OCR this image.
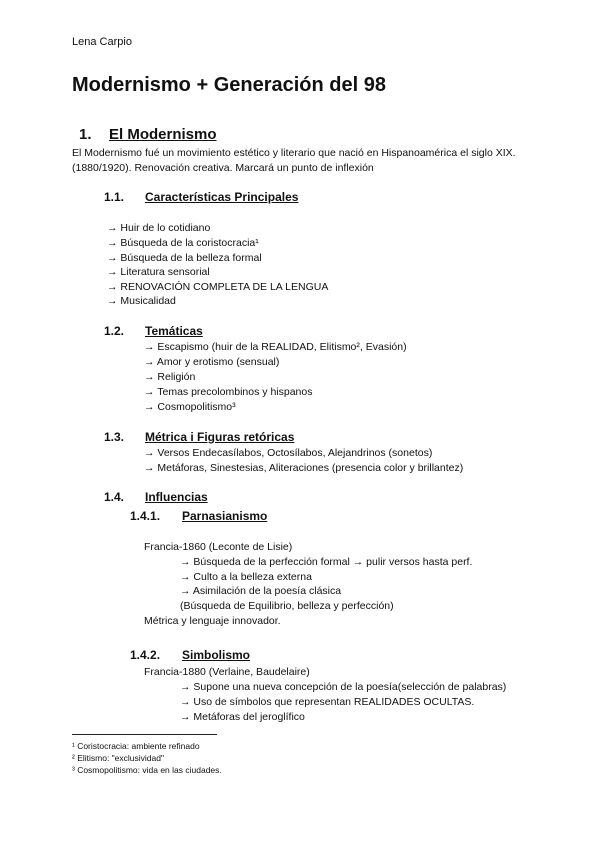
Lena Carpio
Modernismo + Generación del 98
1. El Modernismo
El Modernismo fué un movimiento estético y literario que nació en Hispanoamérica el siglo XIX. (1880/1920). Renovación creativa. Marcará un punto de inflexión
1.1. Características Principales
→ Huir de lo cotidiano
→ Búsqueda de la coristocracia¹
→ Búsqueda de la belleza formal
→ Literatura sensorial
→ RENOVACIÓN COMPLETA DE LA LENGUA
→ Musicalidad
1.2. Temáticas
→ Escapismo (huir de la REALIDAD, Elitismo², Evasión)
→ Amor y erotismo (sensual)
→ Religión
→ Temas precolombinos y hispanos
→ Cosmopolitismo³
1.3. Métrica i Figuras retóricas
→ Versos Endecasílabos, Octosílabos, Alejandrinos (sonetos)
→ Metáforas, Sinestesias, Aliteraciones (presencia color y brillantez)
1.4. Influencias
1.4.1. Parnasianismo
Francia-1860 (Leconte de Lisie)
→ Búsqueda de la perfección formal → pulir versos hasta perf.
→ Culto a la belleza externa
→ Asimilación de la poesía clásica
(Búsqueda de Equilibrio, belleza y perfección)
Métrica y lenguaje innovador.
1.4.2. Simbolismo
Francia-1880 (Verlaine, Baudelaire)
→ Supone una nueva concepción de la poesía(selección de palabras)
→ Uso de símbolos que representan REALIDADES OCULTAS.
→ Metáforas del jeroglífico
¹ Coristocracia: ambiente refinado
² Elitismo: "exclusividad"
³ Cosmopolitismo: vida en las ciudades.
